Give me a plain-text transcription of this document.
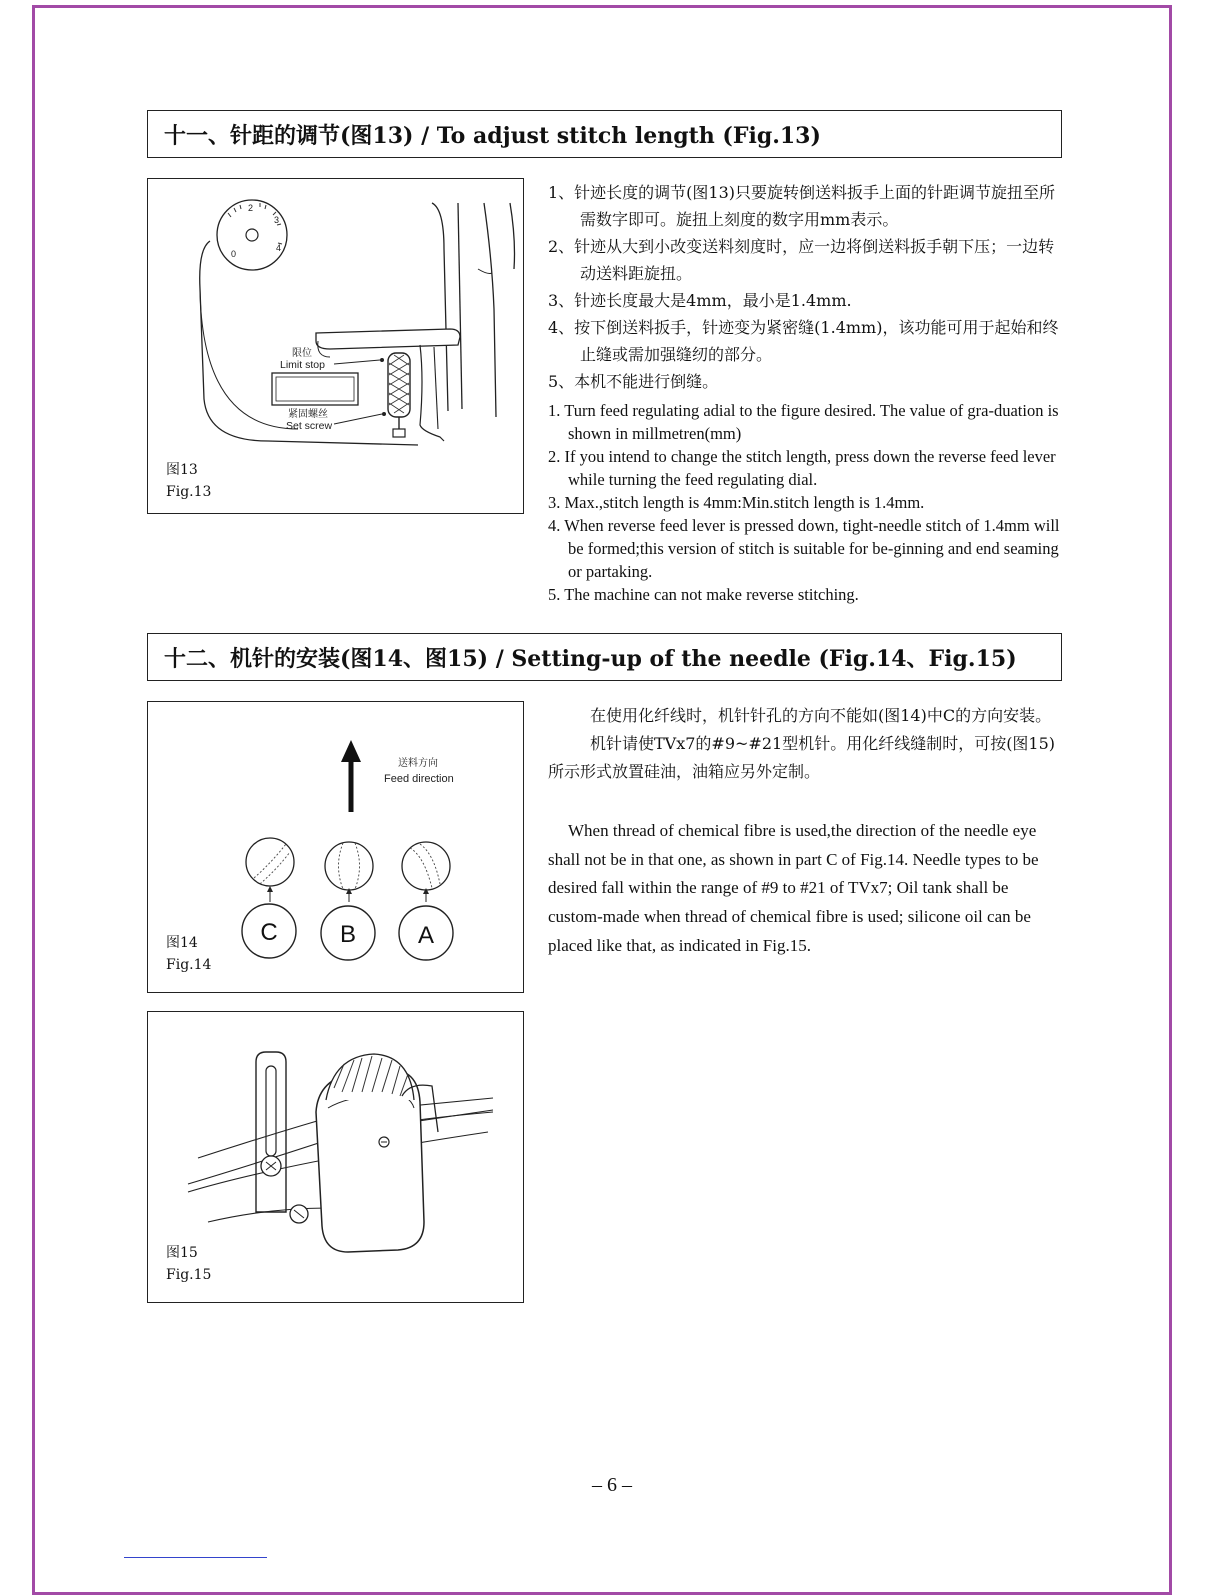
十一、针距的调节(图13) / To adjust stitch length (Fig.13)
2
3
4
0
限位
Limit stop
紧固螺丝
Set screw
图13
Fig.13
1、针迹长度的调节(图13)只要旋转倒送料扳手上面的针距调节旋扭至所需数字即可。旋扭上刻度的数字用mm表示。
2、针迹从大到小改变送料刻度时，应一边将倒送料扳手朝下压；一边转动送料距旋扭。
3、针迹长度最大是4mm，最小是1.4mm.
4、按下倒送料扳手，针迹变为紧密缝(1.4mm)，该功能可用于起始和终止缝或需加强缝纫的部分。
5、本机不能进行倒缝。
1. Turn feed regulating adial to the figure desired. The value of gra-duation is shown in millmetren(mm)
2. If you intend to change the stitch length, press down the reverse feed lever while turning the feed regulating dial.
3. Max.,stitch length is 4mm:Min.stitch length is 1.4mm.
4. When reverse feed lever is pressed down, tight-needle stitch of 1.4mm will be formed;this version of stitch is suitable for be-ginning and end seaming or partaking.
5. The machine can not make reverse stitching.
十二、机针的安装(图14、图15) / Setting-up of the needle (Fig.14、Fig.15)
送料方向
Feed direction
C	B	A
图14
Fig.14

在使用化纤线时，机针针孔的方向不能如(图14)中C的方向安装。

机针请使TVx7的#9~#21型机针。用化纤线缝制时，可按(图15)所示形式放置硅油，油箱应另外定制。

When thread of chemical fibre is used,the direction of the needle eye shall not be in that one, as shown in part C of Fig.14. Needle types to be desired fall within the range of #9 to #21 of TVx7; Oil tank shall be custom-made when thread of chemical fibre is used; silicone oil can be placed like that, as indicated in Fig.15.
图15
Fig.15
– 6 –
